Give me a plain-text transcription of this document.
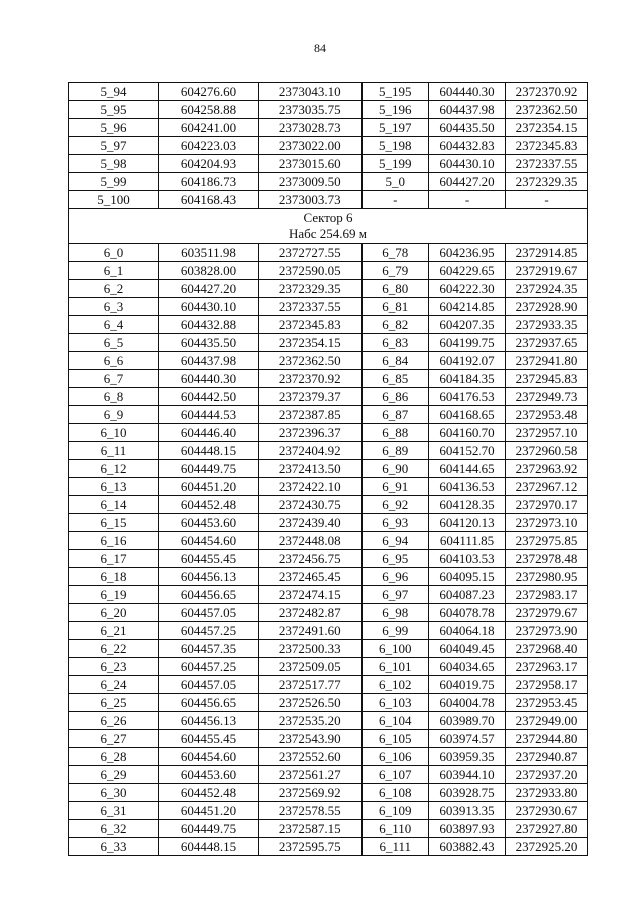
84
5_94	604276.60	2373043.10	5_195	604440.30	2372370.92
5_95	604258.88	2373035.75	5_196	604437.98	2372362.50
5_96	604241.00	2373028.73	5_197	604435.50	2372354.15
5_97	604223.03	2373022.00	5_198	604432.83	2372345.83
5_98	604204.93	2373015.60	5_199	604430.10	2372337.55
5_99	604186.73	2373009.50	5_0	604427.20	2372329.35
5_100	604168.43	2373003.73	-	-	-

Сектор 6
Набс 254.69 м					

6_0	603511.98	2372727.55	6_78	604236.95	2372914.85
6_1	603828.00	2372590.05	6_79	604229.65	2372919.67
6_2	604427.20	2372329.35	6_80	604222.30	2372924.35
6_3	604430.10	2372337.55	6_81	604214.85	2372928.90
6_4	604432.88	2372345.83	6_82	604207.35	2372933.35
6_5	604435.50	2372354.15	6_83	604199.75	2372937.65
6_6	604437.98	2372362.50	6_84	604192.07	2372941.80
6_7	604440.30	2372370.92	6_85	604184.35	2372945.83
6_8	604442.50	2372379.37	6_86	604176.53	2372949.73
6_9	604444.53	2372387.85	6_87	604168.65	2372953.48
6_10	604446.40	2372396.37	6_88	604160.70	2372957.10
6_11	604448.15	2372404.92	6_89	604152.70	2372960.58
6_12	604449.75	2372413.50	6_90	604144.65	2372963.92
6_13	604451.20	2372422.10	6_91	604136.53	2372967.12
6_14	604452.48	2372430.75	6_92	604128.35	2372970.17
6_15	604453.60	2372439.40	6_93	604120.13	2372973.10
6_16	604454.60	2372448.08	6_94	604111.85	2372975.85
6_17	604455.45	2372456.75	6_95	604103.53	2372978.48
6_18	604456.13	2372465.45	6_96	604095.15	2372980.95
6_19	604456.65	2372474.15	6_97	604087.23	2372983.17
6_20	604457.05	2372482.87	6_98	604078.78	2372979.67
6_21	604457.25	2372491.60	6_99	604064.18	2372973.90
6_22	604457.35	2372500.33	6_100	604049.45	2372968.40
6_23	604457.25	2372509.05	6_101	604034.65	2372963.17
6_24	604457.05	2372517.77	6_102	604019.75	2372958.17
6_25	604456.65	2372526.50	6_103	604004.78	2372953.45
6_26	604456.13	2372535.20	6_104	603989.70	2372949.00
6_27	604455.45	2372543.90	6_105	603974.57	2372944.80
6_28	604454.60	2372552.60	6_106	603959.35	2372940.87
6_29	604453.60	2372561.27	6_107	603944.10	2372937.20
6_30	604452.48	2372569.92	6_108	603928.75	2372933.80
6_31	604451.20	2372578.55	6_109	603913.35	2372930.67
6_32	604449.75	2372587.15	6_110	603897.93	2372927.80
6_33	604448.15	2372595.75	6_111	603882.43	2372925.20
